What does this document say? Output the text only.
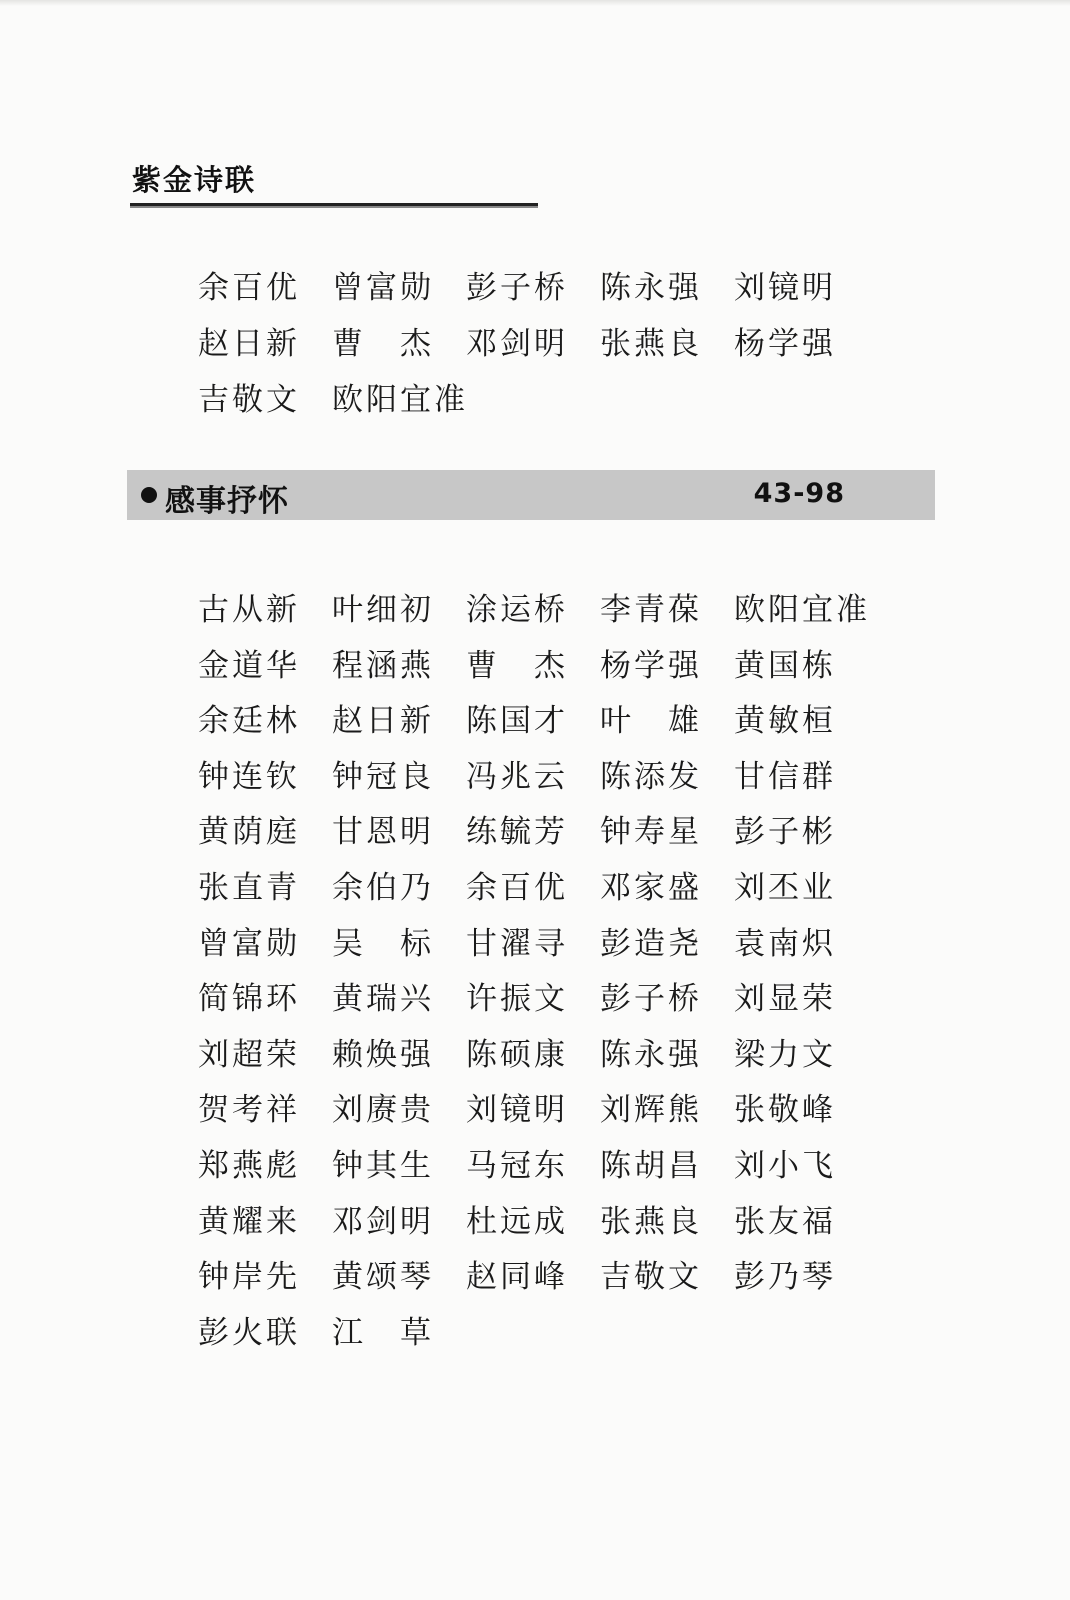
紫金诗联
余百优	曾富勋	彭子桥	陈永强	刘镜明
赵日新	曹　杰	邓剑明	张燕良	杨学强
吉敬文	欧阳宜准
感事抒怀	43-98
古从新	叶细初	涂运桥	李青葆	欧阳宜准
金道华	程涵燕	曹　杰	杨学强	黄国栋
余廷林	赵日新	陈国才	叶　雄	黄敏桓
钟连钦	钟冠良	冯兆云	陈添发	甘信群
黄荫庭	甘恩明	练毓芳	钟寿星	彭子彬
张直青	余伯乃	余百优	邓家盛	刘丕业
曾富勋	吴　标	甘濯寻	彭造尧	袁南炽
简锦环	黄瑞兴	许振文	彭子桥	刘显荣
刘超荣	赖焕强	陈硕康	陈永强	梁力文
贺考祥	刘赓贵	刘镜明	刘辉熊	张敬峰
郑燕彪	钟其生	马冠东	陈胡昌	刘小飞
黄耀来	邓剑明	杜远成	张燕良	张友福
钟岸先	黄颂琴	赵同峰	吉敬文	彭乃琴
彭火联	江　草
